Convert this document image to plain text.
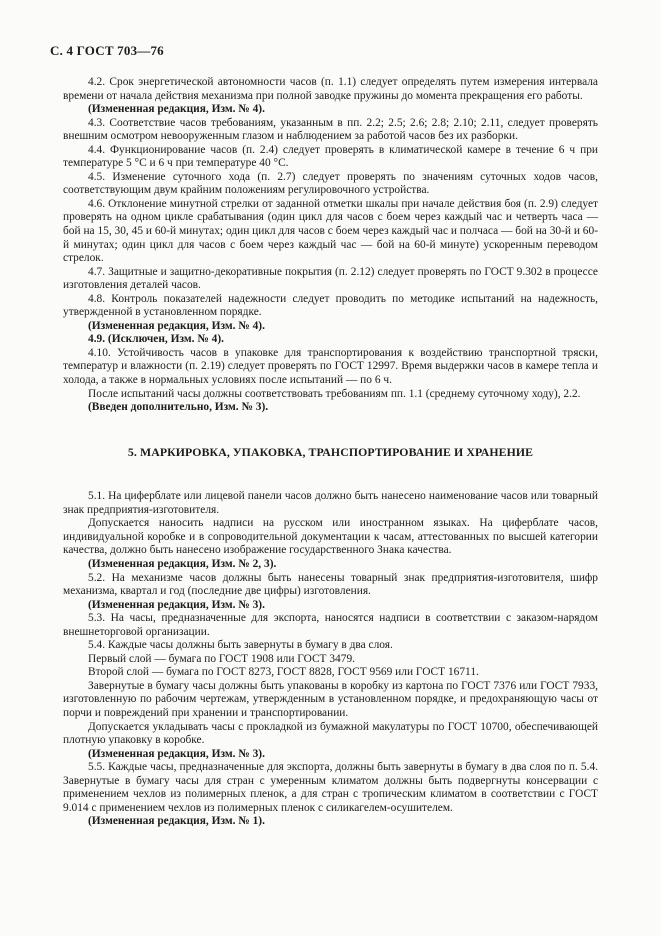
С. 4 ГОСТ 703—76

4.2. Срок энергетической автономности часов (п. 1.1) следует определять путем измерения интервала времени от начала действия механизма при полной заводке пружины до момента прекращения его работы.

(Измененная редакция, Изм. № 4).

4.3. Соответствие часов требованиям, указанным в пп. 2.2; 2.5; 2.6; 2.8; 2.10; 2.11, следует проверять внешним осмотром невооруженным глазом и наблюдением за работой часов без их разборки.

4.4. Функционирование часов (п. 2.4) следует проверять в климатической камере в течение 6 ч при температуре 5 °С и 6 ч при температуре 40 °С.

4.5. Изменение суточного хода (п. 2.7) следует проверять по значениям суточных ходов часов, соответствующим двум крайним положениям регулировочного устройства.

4.6. Отклонение минутной стрелки от заданной отметки шкалы при начале действия боя (п. 2.9) следует проверять на одном цикле срабатывания (один цикл для часов с боем через каждый час и четверть часа — бой на 15, 30, 45 и 60-й минутах; один цикл для часов с боем через каждый час и полчаса — бой на 30-й и 60-й минутах; один цикл для часов с боем через каждый час — бой на 60-й минуте) ускоренным переводом стрелок.

4.7. Защитные и защитно-декоративные покрытия (п. 2.12) следует проверять по ГОСТ 9.302 в процессе изготовления деталей часов.

4.8. Контроль показателей надежности следует проводить по методике испытаний на надежность, утвержденной в установленном порядке.

(Измененная редакция, Изм. № 4).

4.9. (Исключен, Изм. № 4).

4.10. Устойчивость часов в упаковке для транспортирования к воздействию транспортной тряски, температур и влажности (п. 2.19) следует проверять по ГОСТ 12997. Время выдержки часов в камере тепла и холода, а также в нормальных условиях после испытаний — по 6 ч.

После испытаний часы должны соответствовать требованиям пп. 1.1 (среднему суточному ходу), 2.2.

(Введен дополнительно, Изм. № 3).

5. МАРКИРОВКА, УПАКОВКА, ТРАНСПОРТИРОВАНИЕ И ХРАНЕНИЕ

5.1. На циферблате или лицевой панели часов должно быть нанесено наименование часов или товарный знак предприятия-изготовителя.

Допускается наносить надписи на русском или иностранном языках. На циферблате часов, индивидуальной коробке и в сопроводительной документации к часам, аттестованных по высшей категории качества, должно быть нанесено изображение государственного Знака качества.

(Измененная редакция, Изм. № 2, 3).

5.2. На механизме часов должны быть нанесены товарный знак предприятия-изготовителя, шифр механизма, квартал и год (последние две цифры) изготовления.

(Измененная редакция, Изм. № 3).

5.3. На часы, предназначенные для экспорта, наносятся надписи в соответствии с заказом-нарядом внешнеторговой организации.

5.4. Каждые часы должны быть завернуты в бумагу в два слоя.

Первый слой — бумага по ГОСТ 1908 или ГОСТ 3479.

Второй слой — бумага по ГОСТ 8273, ГОСТ 8828, ГОСТ 9569 или ГОСТ 16711.

Завернутые в бумагу часы должны быть упакованы в коробку из картона по ГОСТ 7376 или ГОСТ 7933, изготовленную по рабочим чертежам, утвержденным в установленном порядке, и предохраняющую часы от порчи и повреждений при хранении и транспортировании.

Допускается укладывать часы с прокладкой из бумажной макулатуры по ГОСТ 10700, обеспечивающей плотную упаковку в коробке.

(Измененная редакция, Изм. № 3).

5.5. Каждые часы, предназначенные для экспорта, должны быть завернуты в бумагу в два слоя по п. 5.4. Завернутые в бумагу часы для стран с умеренным климатом должны быть подвергнуты консервации с применением чехлов из полимерных пленок, а для стран с тропическим климатом в соответствии с ГОСТ 9.014 с применением чехлов из полимерных пленок с силикагелем-осушителем.

(Измененная редакция, Изм. № 1).
